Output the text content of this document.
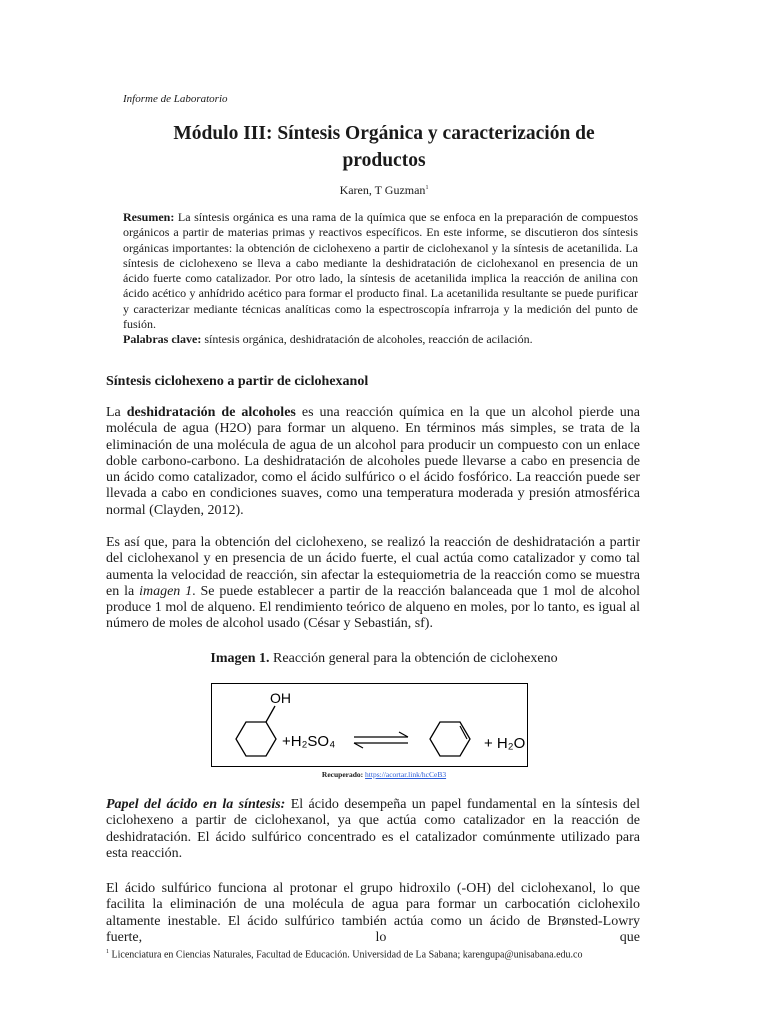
Informe de Laboratorio
Módulo III: Síntesis Orgánica y caracterización de
productos
Karen, T Guzman$^1$
Resumen: La síntesis orgánica es una rama de la química que se enfoca en la preparación de compuestos orgánicos a partir de materias primas y reactivos específicos. En este informe, se discutieron dos síntesis orgánicas importantes: la obtención de ciclohexeno a partir de ciclohexanol y la síntesis de acetanilida. La síntesis de ciclohexeno se lleva a cabo mediante la deshidratación de ciclohexanol en presencia de un ácido fuerte como catalizador. Por otro lado, la síntesis de acetanilida implica la reacción de anilina con ácido acético y anhídrido acético para formar el producto final. La acetanilida resultante se puede purificar y caracterizar mediante técnicas analíticas como la espectroscopía infrarroja y la medición del punto de fusión.
Palabras clave: síntesis orgánica, deshidratación de alcoholes, reacción de acilación.
Síntesis ciclohexeno a partir de ciclohexanol
La deshidratación de alcoholes es una reacción química en la que un alcohol pierde una molécula de agua (H2O) para formar un alqueno. En términos más simples, se trata de la eliminación de una molécula de agua de un alcohol para producir un compuesto con un enlace doble carbono-carbono. La deshidratación de alcoholes puede llevarse a cabo en presencia de un ácido como catalizador, como el ácido sulfúrico o el ácido fosfórico. La reacción puede ser llevada a cabo en condiciones suaves, como una temperatura moderada y presión atmosférica normal (Clayden, 2012).
Es así que, para la obtención del ciclohexeno, se realizó la reacción de deshidratación a partir del ciclohexanol y en presencia de un ácido fuerte, el cual actúa como catalizador y como tal aumenta la velocidad de reacción, sin afectar la estequiometria de la reacción como se muestra en la imagen 1. Se puede establecer a partir de la reacción balanceada que 1 mol de alcohol produce 1 mol de alqueno. El rendimiento teórico de alqueno en moles, por lo tanto, es igual al número de moles de alcohol usado (César y Sebastián, sf).
Imagen 1. Reacción general para la obtención de ciclohexeno
OH
+H₂SO₄	+ H₂O
Recuperado: https://acortar.link/hcCeB3
Papel del ácido en la síntesis: El ácido desempeña un papel fundamental en la síntesis del ciclohexeno a partir de ciclohexanol, ya que actúa como catalizador en la reacción de deshidratación. El ácido sulfúrico concentrado es el catalizador comúnmente utilizado para esta reacción.
El ácido sulfúrico funciona al protonar el grupo hidroxilo (-OH) del ciclohexanol, lo que facilita la eliminación de una molécula de agua para formar un carbocatión ciclohexilo altamente inestable. El ácido sulfúrico también actúa como un ácido de Brønsted-Lowry fuerte, lo que
$^1$ Licenciatura en Ciencias Naturales, Facultad de Educación. Universidad de La Sabana; karengupa@unisabana.edu.co
